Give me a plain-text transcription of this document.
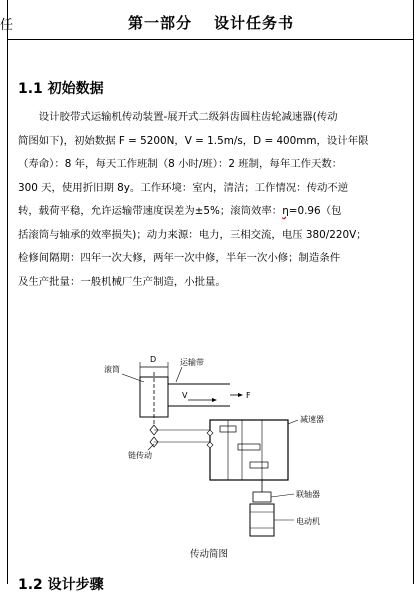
任	第一部分 设计任务书
1.1 初始数据

　　设计胶带式运输机传动装置-展开式二级斜齿圆柱齿轮减速器(传动

简图如下)，初始数据 F = 5200N，V = 1.5m/s，D = 400mm，设计年限

（寿命）：8 年，每天工作班制（8 小时/班）：2 班制，每年工作天数：

300 天，使用折旧期 8y。工作环境：室内，清洁；工作情况：传动不逆

转，载荷平稳，允许运输带速度误差为±5%；滚筒效率：η=0.96（包

括滚筒与轴承的效率损失)；动力来源：电力，三相交流，电压 380/220V；

检修间隔期：四年一次大修，两年一次中修，半年一次小修；制造条件

及生产批量：一般机械厂生产制造，小批量。

D
滚筒
运输带
V	F
链传动
减速器
联轴器
电动机
传动简图
1.2 设计步骤
